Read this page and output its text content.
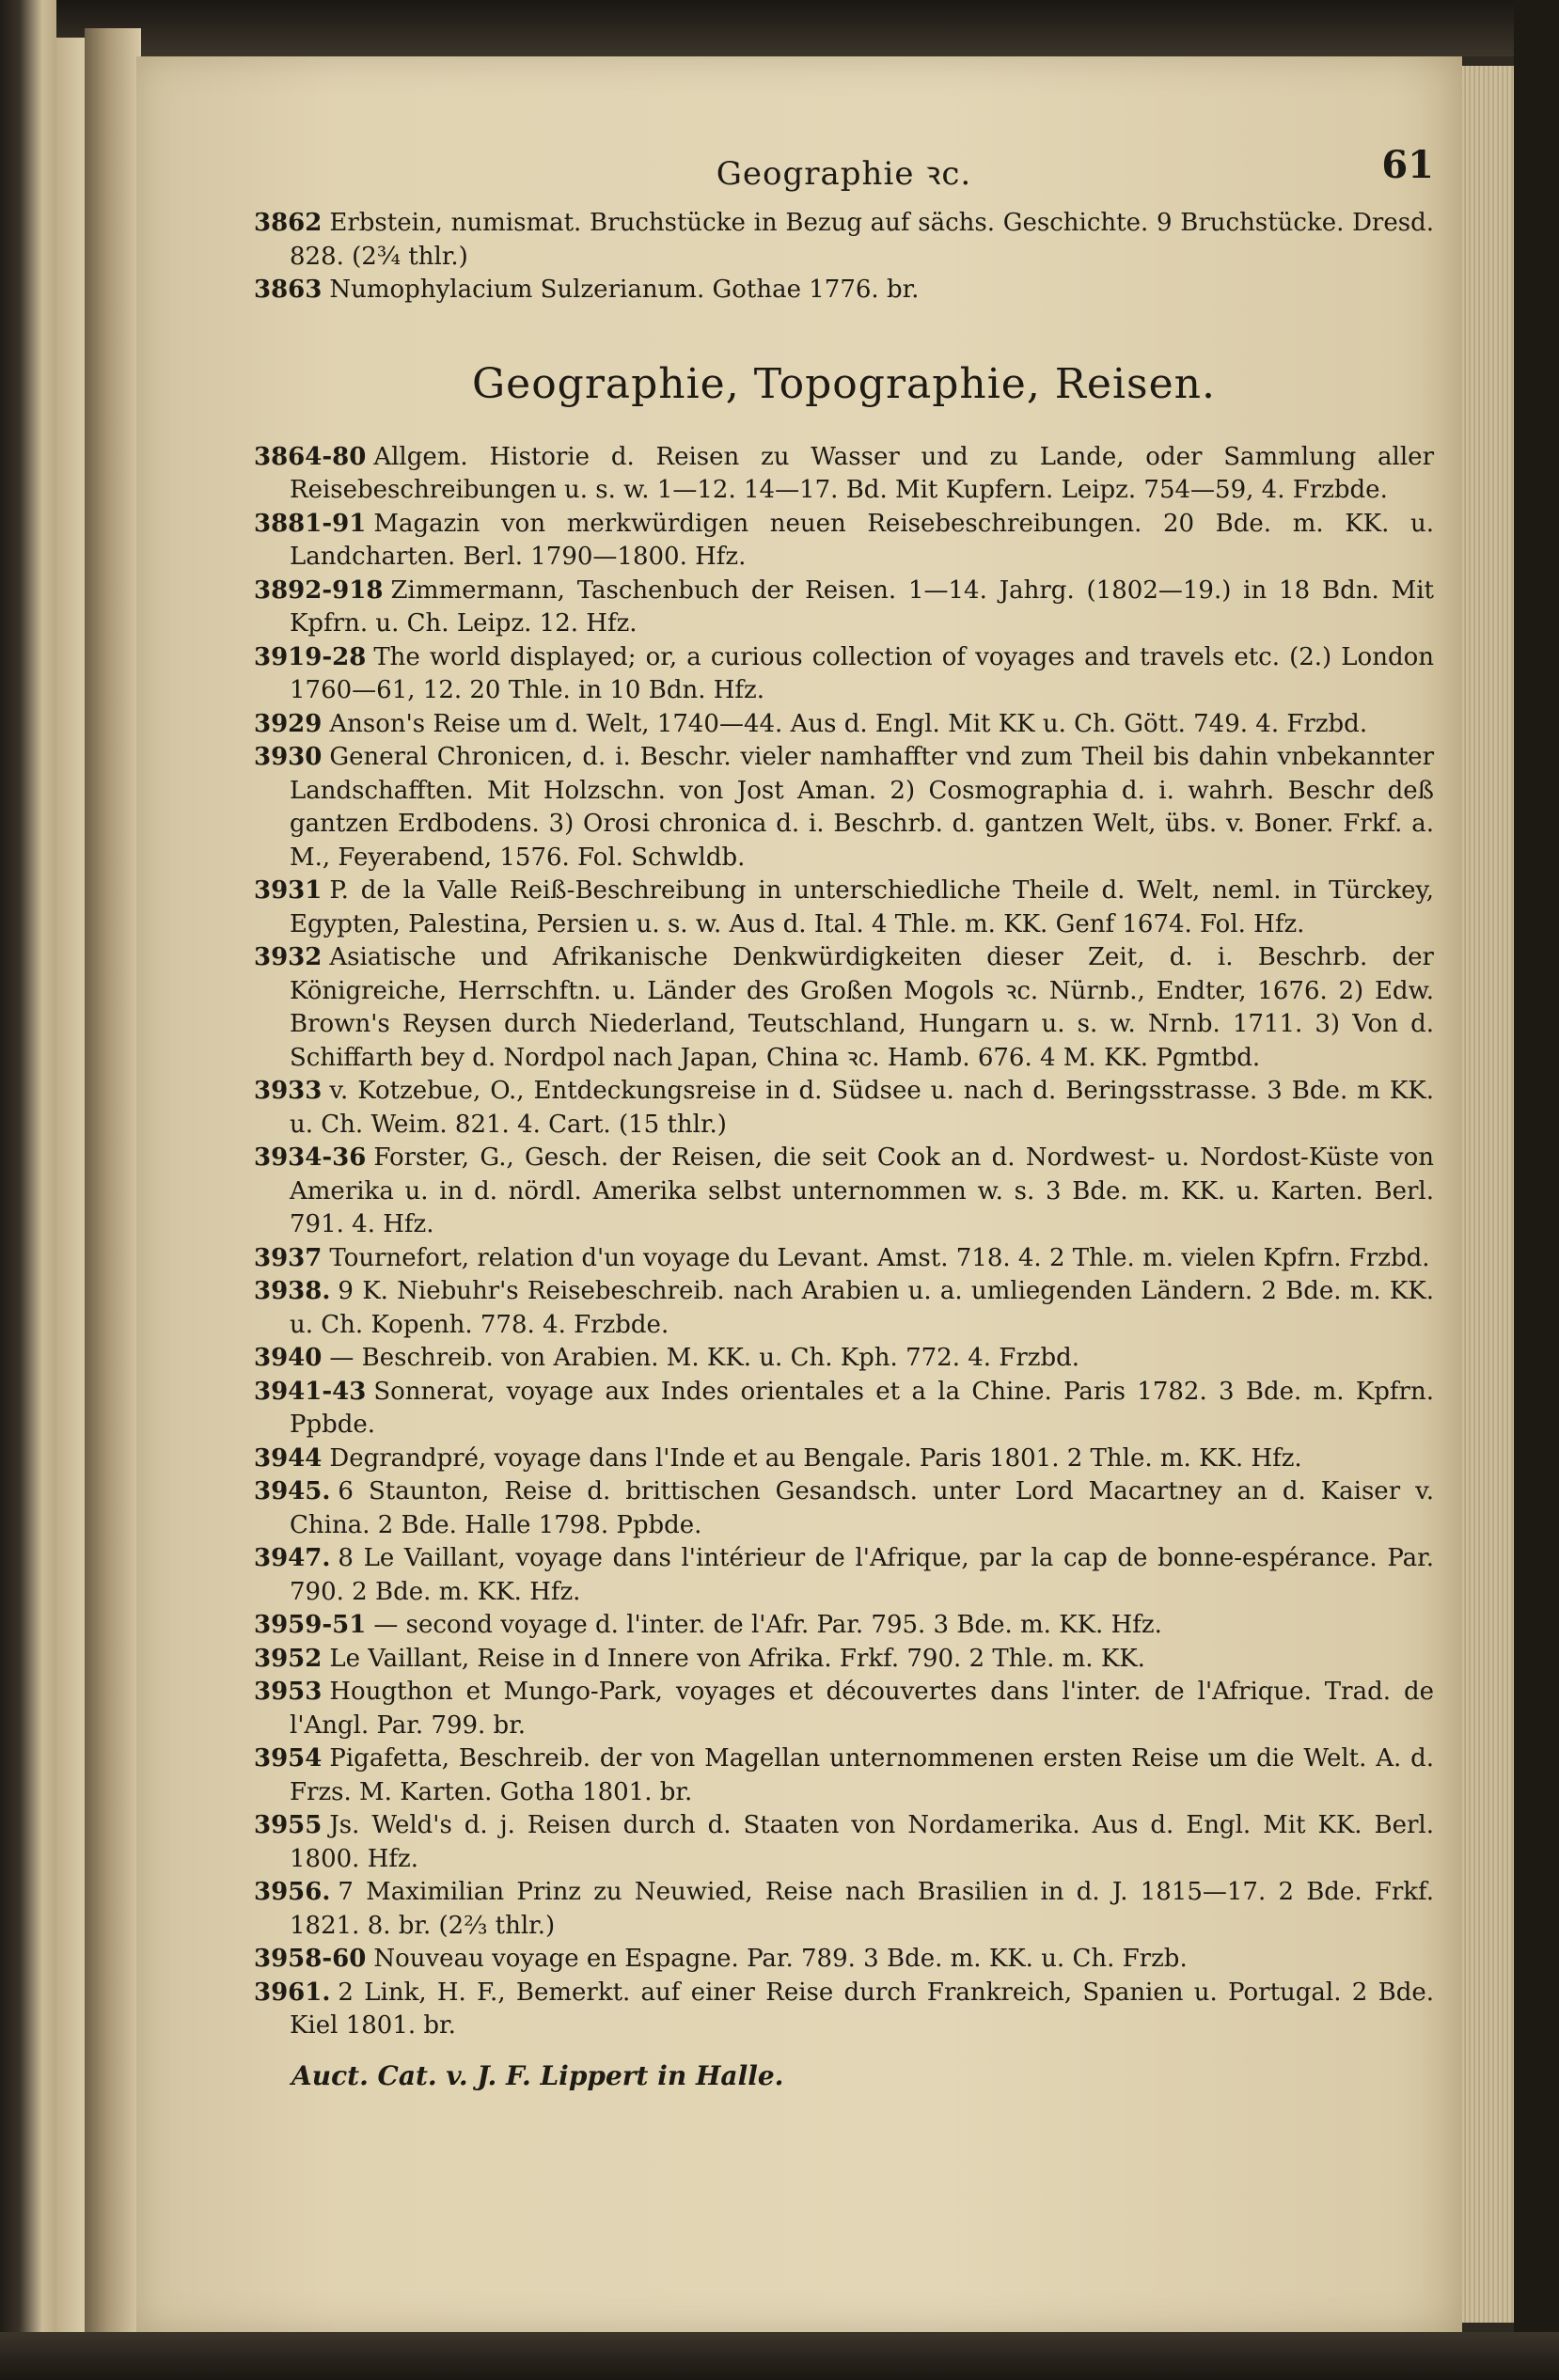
Geographie ꝛc.	61
3862 Erbstein, numismat. Bruchstücke in Bezug auf sächs. Geschichte. 9 Bruchstücke. Dresd. 828. (2¾ thlr.)
3863 Numophylacium Sulzerianum. Gothae 1776. br.
Geographie, Topographie, Reisen.
3864-80 Allgem. Historie d. Reisen zu Wasser und zu Lande, oder Sammlung aller Reisebeschreibungen u. s. w. 1—12. 14—17. Bd. Mit Kupfern. Leipz. 754—59, 4. Frzbde.
3881-91 Magazin von merkwürdigen neuen Reisebeschreibungen. 20 Bde. m. KK. u. Landcharten. Berl. 1790—1800. Hfz.
3892-918 Zimmermann, Taschenbuch der Reisen. 1—14. Jahrg. (1802—19.) in 18 Bdn. Mit Kpfrn. u. Ch. Leipz. 12. Hfz.
3919-28 The world displayed; or, a curious collection of voyages and travels etc. (2.) London 1760—61, 12. 20 Thle. in 10 Bdn. Hfz.
3929 Anson's Reise um d. Welt, 1740—44. Aus d. Engl. Mit KK u. Ch. Gött. 749. 4. Frzbd.
3930 General Chronicen, d. i. Beschr. vieler namhaffter vnd zum Theil bis dahin vnbekannter Landschafften. Mit Holzschn. von Jost Aman. 2) Cosmographia d. i. wahrh. Beschr deß gantzen Erdbodens. 3) Orosi chronica d. i. Beschrb. d. gantzen Welt, übs. v. Boner. Frkf. a. M., Feyerabend, 1576. Fol. Schwldb.
3931 P. de la Valle Reiß-Beschreibung in unterschiedliche Theile d. Welt, neml. in Türckey, Egypten, Palestina, Persien u. s. w. Aus d. Ital. 4 Thle. m. KK. Genf 1674. Fol. Hfz.
3932 Asiatische und Afrikanische Denkwürdigkeiten dieser Zeit, d. i. Beschrb. der Königreiche, Herrschftn. u. Länder des Großen Mogols ꝛc. Nürnb., Endter, 1676. 2) Edw. Brown's Reysen durch Niederland, Teutschland, Hungarn u. s. w. Nrnb. 1711. 3) Von d. Schiffarth bey d. Nordpol nach Japan, China ꝛc. Hamb. 676. 4 M. KK. Pgmtbd.
3933 v. Kotzebue, O., Entdeckungsreise in d. Südsee u. nach d. Beringsstrasse. 3 Bde. m KK. u. Ch. Weim. 821. 4. Cart. (15 thlr.)
3934-36 Forster, G., Gesch. der Reisen, die seit Cook an d. Nordwest- u. Nordost-Küste von Amerika u. in d. nördl. Amerika selbst unternommen w. s. 3 Bde. m. KK. u. Karten. Berl. 791. 4. Hfz.
3937 Tournefort, relation d'un voyage du Levant. Amst. 718. 4. 2 Thle. m. vielen Kpfrn. Frzbd.
3938. 9 K. Niebuhr's Reisebeschreib. nach Arabien u. a. umliegenden Ländern. 2 Bde. m. KK. u. Ch. Kopenh. 778. 4. Frzbde.
3940 — Beschreib. von Arabien. M. KK. u. Ch. Kph. 772. 4. Frzbd.
3941-43 Sonnerat, voyage aux Indes orientales et a la Chine. Paris 1782. 3 Bde. m. Kpfrn. Ppbde.
3944 Degrandpré, voyage dans l'Inde et au Bengale. Paris 1801. 2 Thle. m. KK. Hfz.
3945. 6 Staunton, Reise d. brittischen Gesandsch. unter Lord Macartney an d. Kaiser v. China. 2 Bde. Halle 1798. Ppbde.
3947. 8 Le Vaillant, voyage dans l'intérieur de l'Afrique, par la cap de bonne-espérance. Par. 790. 2 Bde. m. KK. Hfz.
3959-51 — second voyage d. l'inter. de l'Afr. Par. 795. 3 Bde. m. KK. Hfz.
3952 Le Vaillant, Reise in d Innere von Afrika. Frkf. 790. 2 Thle. m. KK.
3953 Hougthon et Mungo-Park, voyages et découvertes dans l'inter. de l'Afrique. Trad. de l'Angl. Par. 799. br.
3954 Pigafetta, Beschreib. der von Magellan unternommenen ersten Reise um die Welt. A. d. Frzs. M. Karten. Gotha 1801. br.
3955 Js. Weld's d. j. Reisen durch d. Staaten von Nordamerika. Aus d. Engl. Mit KK. Berl. 1800. Hfz.
3956. 7 Maximilian Prinz zu Neuwied, Reise nach Brasilien in d. J. 1815—17. 2 Bde. Frkf. 1821. 8. br. (2⅔ thlr.)
3958-60 Nouveau voyage en Espagne. Par. 789. 3 Bde. m. KK. u. Ch. Frzb.
3961. 2 Link, H. F., Bemerkt. auf einer Reise durch Frankreich, Spanien u. Portugal. 2 Bde. Kiel 1801. br.
Auct. Cat. v. J. F. Lippert in Halle.
